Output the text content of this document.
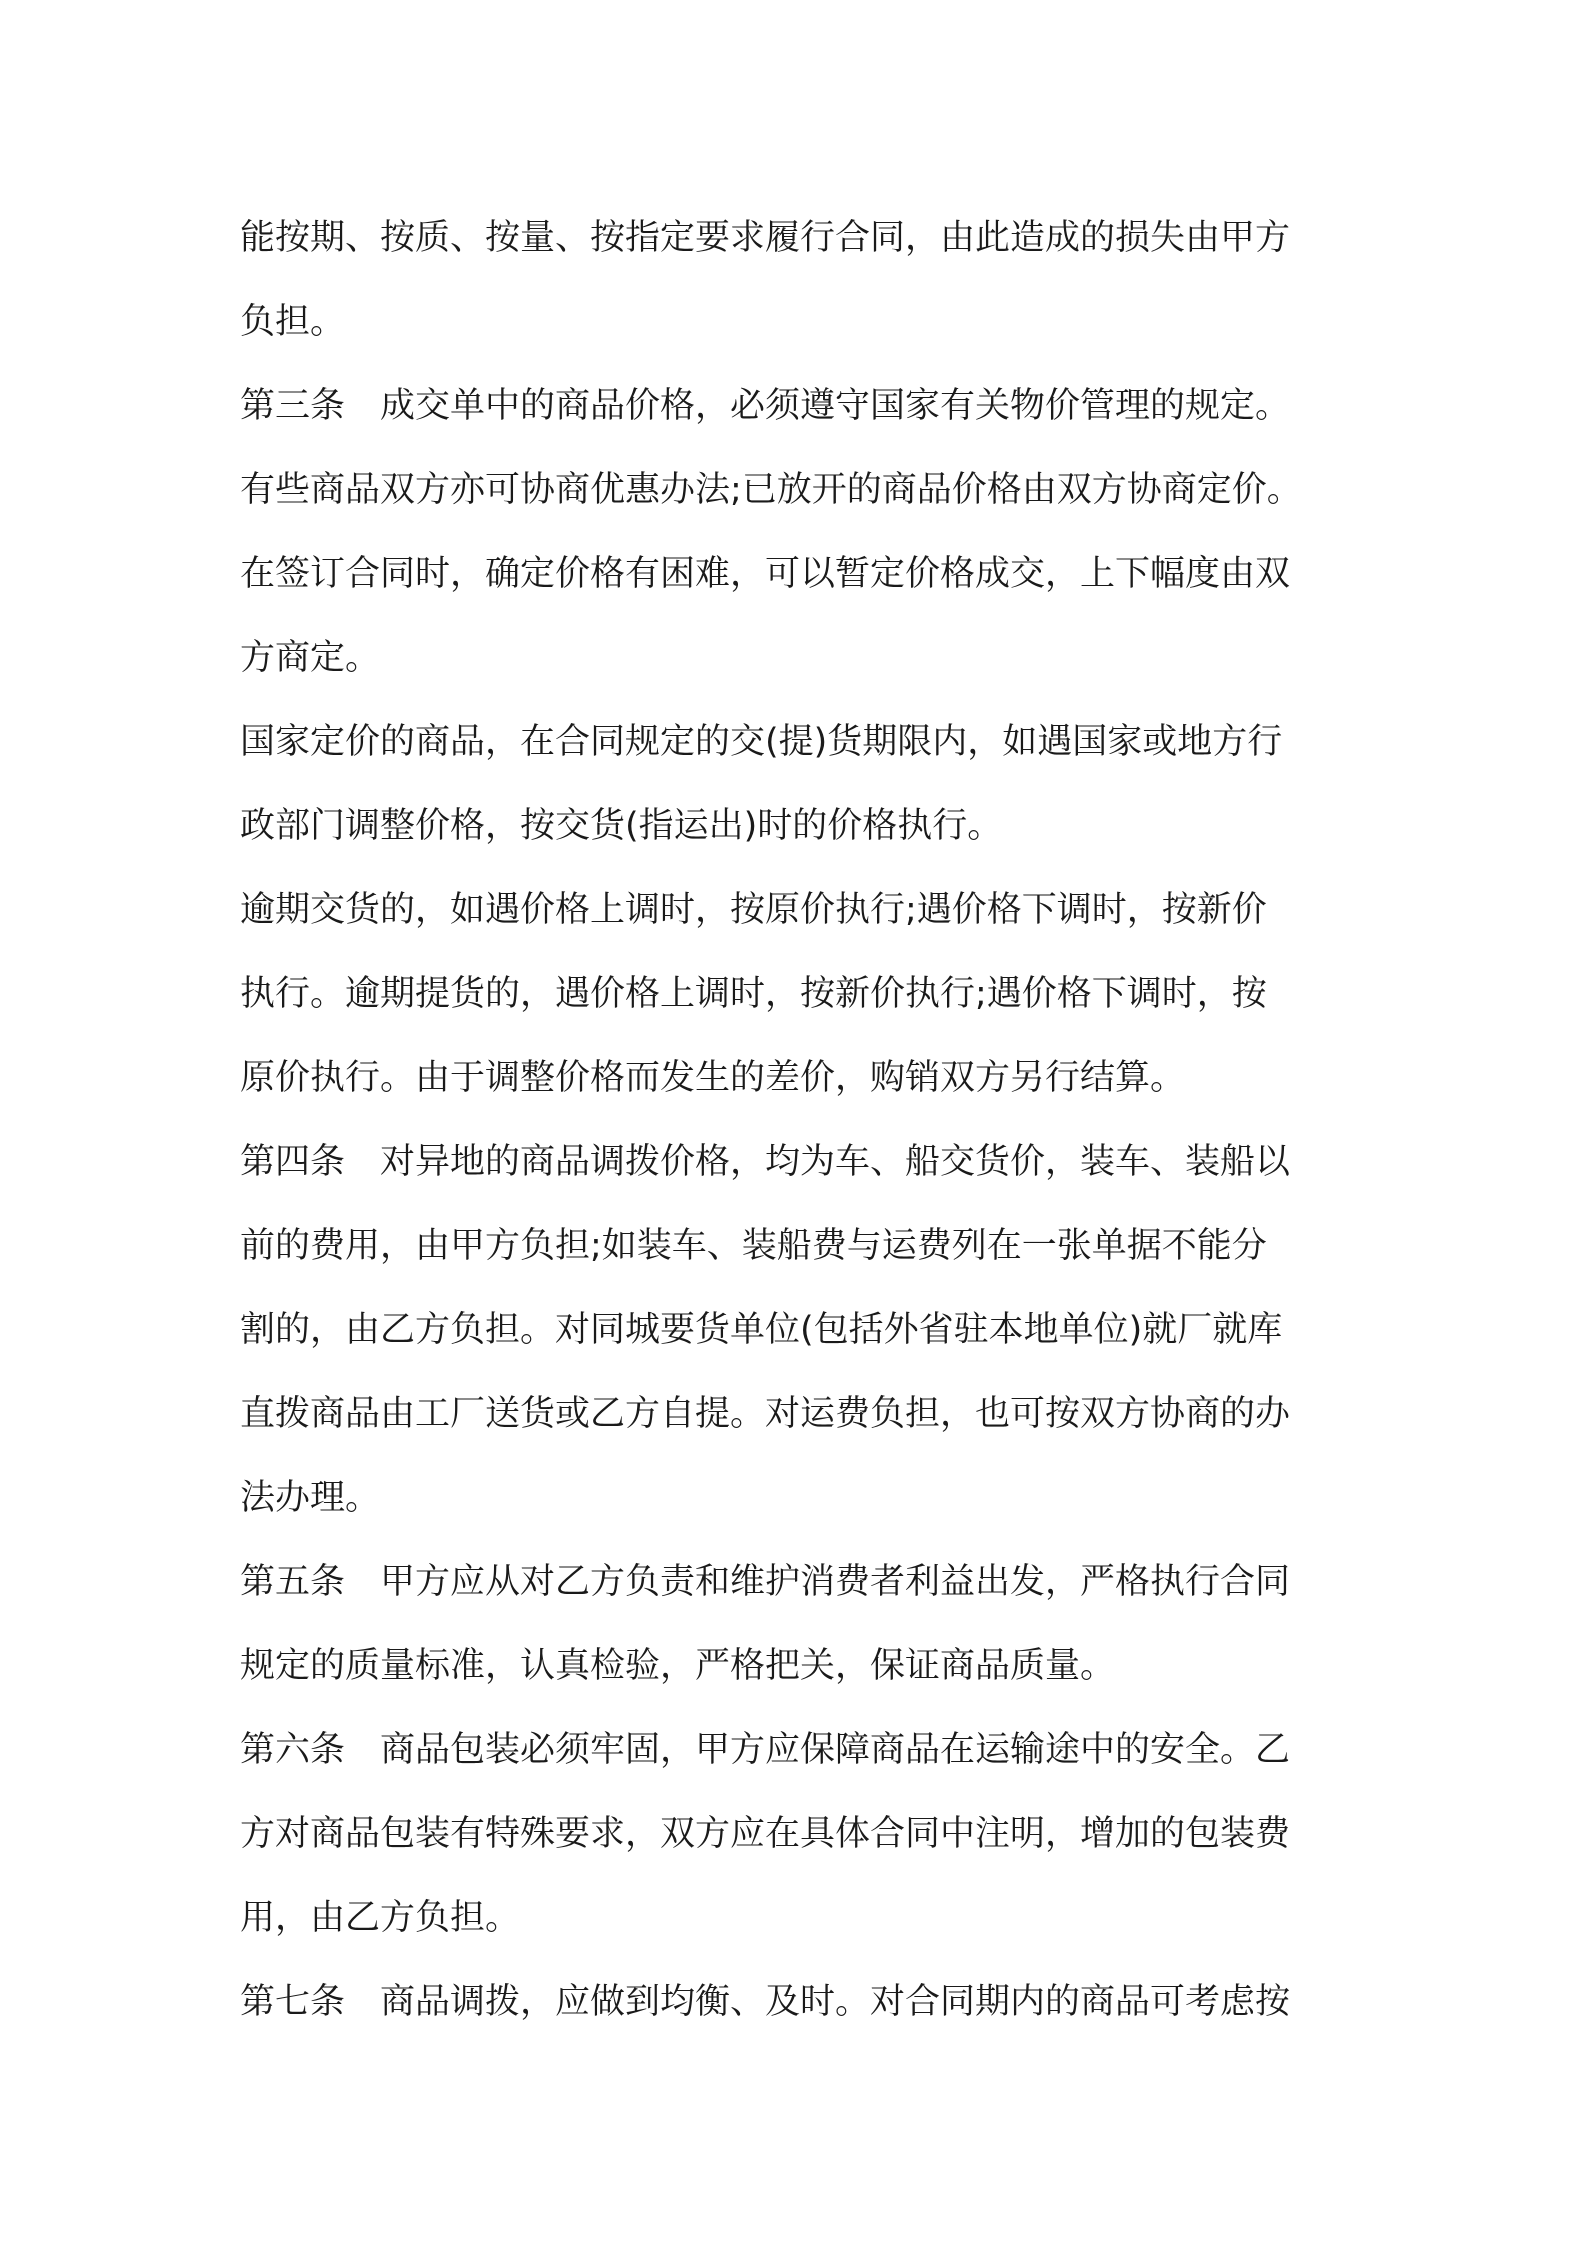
能按期、按质、按量、按指定要求履行合同，由此造成的损失由甲方
负担。
第三条　成交单中的商品价格，必须遵守国家有关物价管理的规定。
有些商品双方亦可协商优惠办法;已放开的商品价格由双方协商定价。
在签订合同时，确定价格有困难，可以暂定价格成交，上下幅度由双
方商定。
国家定价的商品，在合同规定的交(提)货期限内，如遇国家或地方行
政部门调整价格，按交货(指运出)时的价格执行。
逾期交货的，如遇价格上调时，按原价执行;遇价格下调时，按新价
执行。逾期提货的，遇价格上调时，按新价执行;遇价格下调时，按
原价执行。由于调整价格而发生的差价，购销双方另行结算。
第四条　对异地的商品调拨价格，均为车、船交货价，装车、装船以
前的费用，由甲方负担;如装车、装船费与运费列在一张单据不能分
割的，由乙方负担。对同城要货单位(包括外省驻本地单位)就厂就库
直拨商品由工厂送货或乙方自提。对运费负担，也可按双方协商的办
法办理。
第五条　甲方应从对乙方负责和维护消费者利益出发，严格执行合同
规定的质量标准，认真检验，严格把关，保证商品质量。
第六条　商品包装必须牢固，甲方应保障商品在运输途中的安全。乙
方对商品包装有特殊要求，双方应在具体合同中注明，增加的包装费
用，由乙方负担。
第七条　商品调拨，应做到均衡、及时。对合同期内的商品可考虑按
